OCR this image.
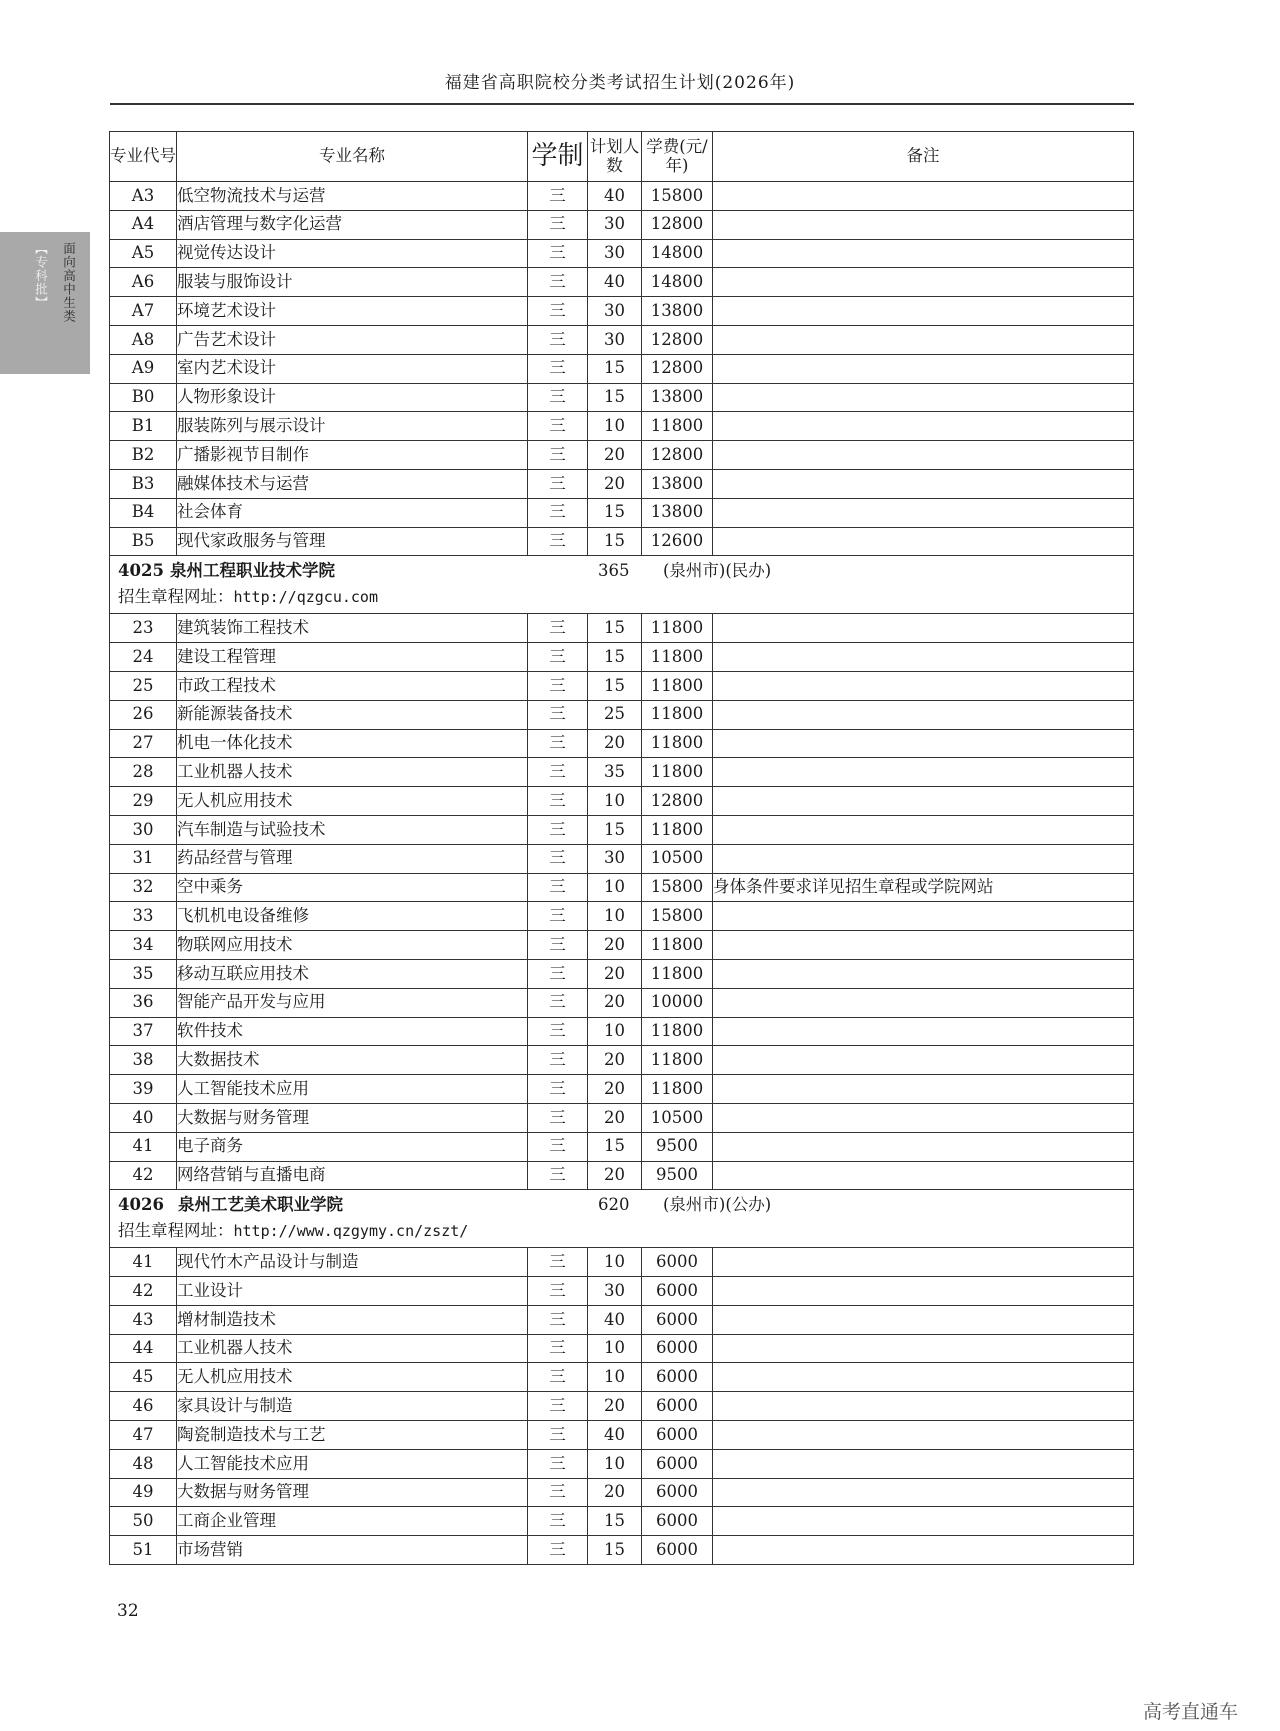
福建省高职院校分类考试招生计划(2026年)
面向高中生类
【专科批】
专业代号	专业名称	学制	计划人数	学费(元/年)	备注
A3	低空物流技术与运营	三	40	15800	
A4	酒店管理与数字化运营	三	30	12800	
A5	视觉传达设计	三	30	14800	
A6	服装与服饰设计	三	40	14800	
A7	环境艺术设计	三	30	13800	
A8	广告艺术设计	三	30	12800	
A9	室内艺术设计	三	15	12800	
B0	人物形象设计	三	15	13800	
B1	服装陈列与展示设计	三	10	11800	
B2	广播影视节目制作	三	20	12800	
B3	融媒体技术与运营	三	20	13800	
B4	社会体育	三	15	13800	
B5	现代家政服务与管理	三	15	12600	

4025 泉州工程职业技术学院 365 (泉州市)(民办)
招生章程网址：http://qzgcu.com					

23	建筑装饰工程技术	三	15	11800	
24	建设工程管理	三	15	11800	
25	市政工程技术	三	15	11800	
26	新能源装备技术	三	25	11800	
27	机电一体化技术	三	20	11800	
28	工业机器人技术	三	35	11800	
29	无人机应用技术	三	10	12800	
30	汽车制造与试验技术	三	15	11800	
31	药品经营与管理	三	30	10500	
32	空中乘务	三	10	15800	身体条件要求详见招生章程或学院网站
33	飞机机电设备维修	三	10	15800	
34	物联网应用技术	三	20	11800	
35	移动互联应用技术	三	20	11800	
36	智能产品开发与应用	三	20	10000	
37	软件技术	三	10	11800	
38	大数据技术	三	20	11800	
39	人工智能技术应用	三	20	11800	
40	大数据与财务管理	三	20	10500	
41	电子商务	三	15	9500	
42	网络营销与直播电商	三	20	9500	

4026 泉州工艺美术职业学院 620 (泉州市)(公办)
招生章程网址：http://www.qzgymy.cn/zszt/					

41	现代竹木产品设计与制造	三	10	6000	
42	工业设计	三	30	6000	
43	增材制造技术	三	40	6000	
44	工业机器人技术	三	10	6000	
45	无人机应用技术	三	10	6000	
46	家具设计与制造	三	20	6000	
47	陶瓷制造技术与工艺	三	40	6000	
48	人工智能技术应用	三	10	6000	
49	大数据与财务管理	三	20	6000	
50	工商企业管理	三	15	6000	
51	市场营销	三	15	6000	
32
高考直通车
